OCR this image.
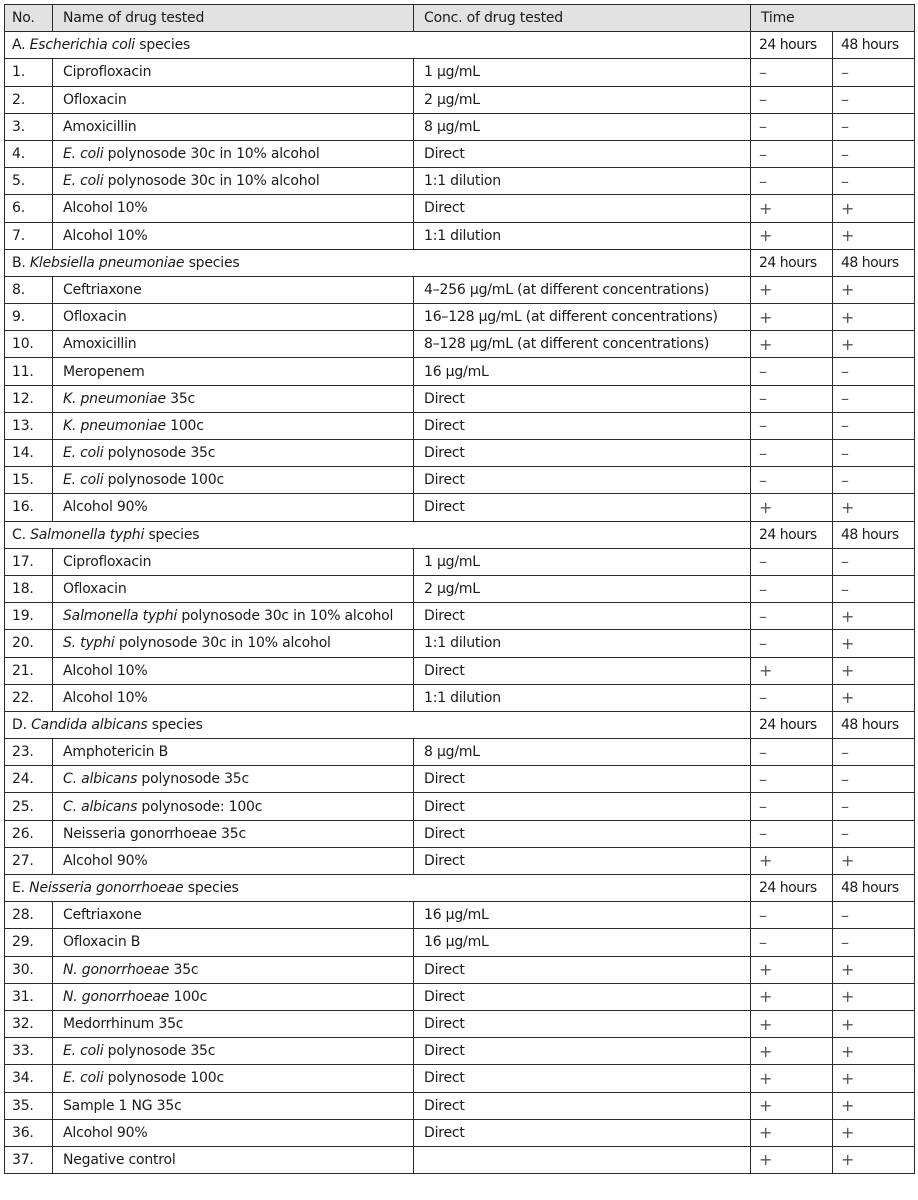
No.	Name of drug tested	Conc. of drug tested	Time	
A. Escherichia coli species			24 hours	48 hours
1.	Ciprofloxacin	1 µg/mL	–	–
2.	Ofloxacin	2 µg/mL	–	–
3.	Amoxicillin	8 µg/mL	–	–
4.	E. coli polynosode 30c in 10% alcohol	Direct	–	–
5.	E. coli polynosode 30c in 10% alcohol	1:1 dilution	–	–
6.	Alcohol 10%	Direct	+	+
7.	Alcohol 10%	1:1 dilution	+	+
B. Klebsiella pneumoniae species			24 hours	48 hours
8.	Ceftriaxone	4–256 µg/mL (at different concentrations)	+	+
9.	Ofloxacin	16–128 µg/mL (at different concentrations)	+	+
10.	Amoxicillin	8–128 µg/mL (at different concentrations)	+	+
11.	Meropenem	16 µg/mL	–	–
12.	K. pneumoniae 35c	Direct	–	–
13.	K. pneumoniae 100c	Direct	–	–
14.	E. coli polynosode 35c	Direct	–	–
15.	E. coli polynosode 100c	Direct	–	–
16.	Alcohol 90%	Direct	+	+
C. Salmonella typhi species			24 hours	48 hours
17.	Ciprofloxacin	1 µg/mL	–	–
18.	Ofloxacin	2 µg/mL	–	–
19.	Salmonella typhi polynosode 30c in 10% alcohol	Direct	–	+
20.	S. typhi polynosode 30c in 10% alcohol	1:1 dilution	–	+
21.	Alcohol 10%	Direct	+	+
22.	Alcohol 10%	1:1 dilution	–	+
D. Candida albicans species			24 hours	48 hours
23.	Amphotericin B	8 µg/mL	–	–
24.	C. albicans polynosode 35c	Direct	–	–
25.	C. albicans polynosode: 100c	Direct	–	–
26.	Neisseria gonorrhoeae 35c	Direct	–	–
27.	Alcohol 90%	Direct	+	+
E. Neisseria gonorrhoeae species			24 hours	48 hours
28.	Ceftriaxone	16 µg/mL	–	–
29.	Ofloxacin B	16 µg/mL	–	–
30.	N. gonorrhoeae 35c	Direct	+	+
31.	N. gonorrhoeae 100c	Direct	+	+
32.	Medorrhinum 35c	Direct	+	+
33.	E. coli polynosode 35c	Direct	+	+
34.	E. coli polynosode 100c	Direct	+	+
35.	Sample 1 NG 35c	Direct	+	+
36.	Alcohol 90%	Direct	+	+
37.	Negative control		+	+
